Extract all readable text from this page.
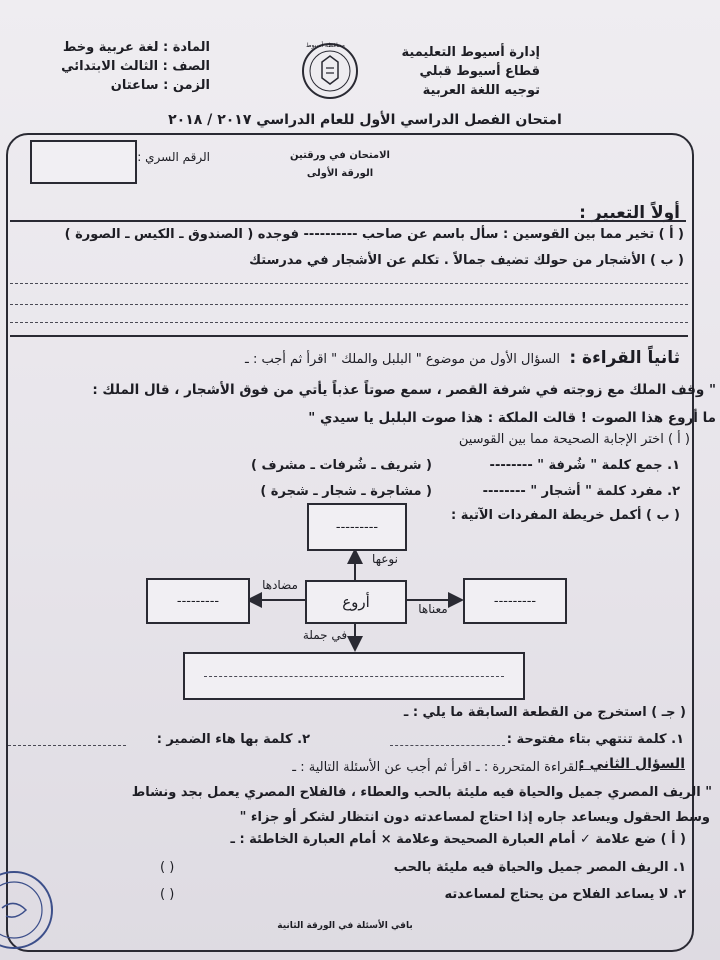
إدارة أسيوط التعليمية
قطاع أسيوط قبلي
توجيه اللغة العربية
محافظة أسيوط
المادة : لغة عربية وخط
الصف : الثالث الابتدائي
الزمن : ساعتان
امتحان الفصل الدراسي الأول للعام الدراسي ٢٠١٧ / ٢٠١٨
الرقم السري :	الامتحان في ورقتين
الورقة الأولى
أولاً التعبير :
( أ ) تخير مما بين القوسين : سأل باسم عن صاحب ---------- فوجده ( الصندوق ـ الكيس ـ الصورة )
( ب ) الأشجار من حولك تضيف جمالاً . تكلم عن الأشجار في مدرستك
ثانياً القراءة :
السؤال الأول من موضوع " البلبل والملك " اقرأ ثم أجب : ـ
" وقف الملك مع زوجته في شرفة القصر ، سمع صوتاً عذباً يأتي من فوق الأشجار ، قال الملك :
ما أروع هذا الصوت ! قالت الملكة : هذا صوت البلبل يا سيدي "
( أ ) اختر الإجابة الصحيحة مما بين القوسين
١. جمع كلمة " شُرفة " --------
( شريف ـ شُرفات ـ مشرف )
٢. مفرد كلمة " أشجار " --------
( مشاجرة ـ شجار ـ شجرة )
( ب ) أكمل خريطة المفردات الآتية :
---------
نوعها
أروع
---------
مضادها
---------
معناها
في جملة
( جـ ) استخرج من القطعة السابقة ما يلي : ـ
١. كلمة تنتهي بتاء مفتوحة :
٢. كلمة بها هاء الضمير :
السؤال الثاني :
القراءة المتحررة : ـ اقرأ ثم أجب عن الأسئلة التالية : ـ
" الريف المصري جميل والحياة فيه مليئة بالحب والعطاء ، فالفلاح المصري يعمل بجد ونشاط
وسط الحقول ويساعد جاره إذا احتاج لمساعدته دون انتظار لشكر أو جزاء "
( أ ) ضع علامة ✓ أمام العبارة الصحيحة وعلامة × أمام العبارة الخاطئة : ـ
١. الريف المصر جميل والحياة فيه مليئة بالحب
( )
٢. لا يساعد الفلاح من يحتاج لمساعدته
( )
باقي الأسئلة في الورقة الثانية
